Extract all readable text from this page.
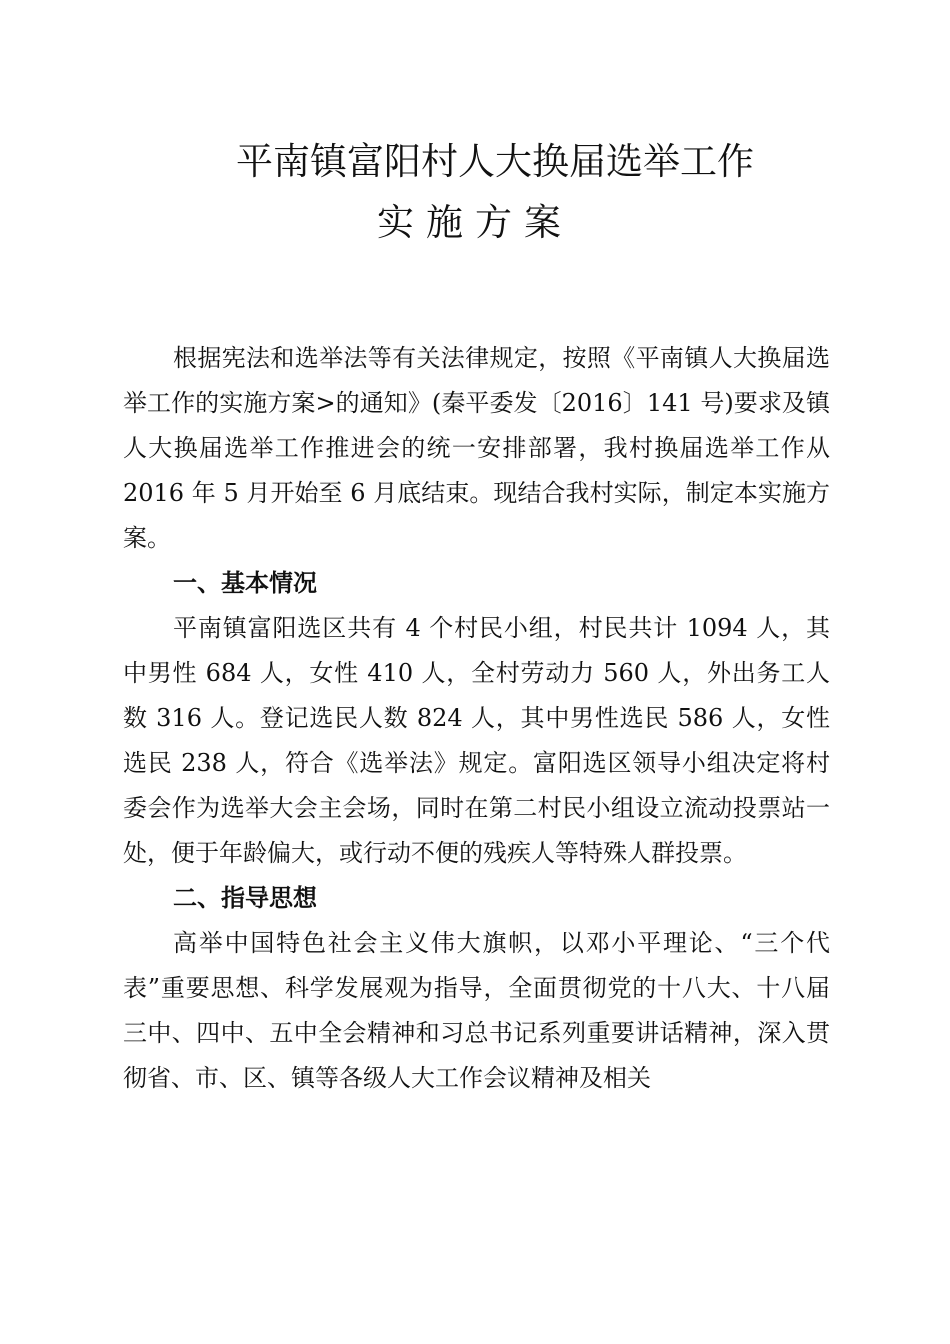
平南镇富阳村人大换届选举工作
实施方案

根据宪法和选举法等有关法律规定，按照《平南镇人大换届选举工作的实施方案>的通知》(秦平委发〔2016〕141 号)要求及镇人大换届选举工作推进会的统一安排部署，我村换届选举工作从 2016 年 5 月开始至 6 月底结束。现结合我村实际，制定本实施方案。

一、基本情况

平南镇富阳选区共有 4 个村民小组，村民共计 1094 人，其中男性 684 人，女性 410 人，全村劳动力 560 人，外出务工人数 316 人。登记选民人数 824 人，其中男性选民 586 人，女性选民 238 人，符合《选举法》规定。富阳选区领导小组决定将村委会作为选举大会主会场，同时在第二村民小组设立流动投票站一处，便于年龄偏大，或行动不便的残疾人等特殊人群投票。

二、指导思想

高举中国特色社会主义伟大旗帜，以邓小平理论、“三个代表”重要思想、科学发展观为指导，全面贯彻党的十八大、十八届三中、四中、五中全会精神和习总书记系列重要讲话精神，深入贯彻省、市、区、镇等各级人大工作会议精神及相关
